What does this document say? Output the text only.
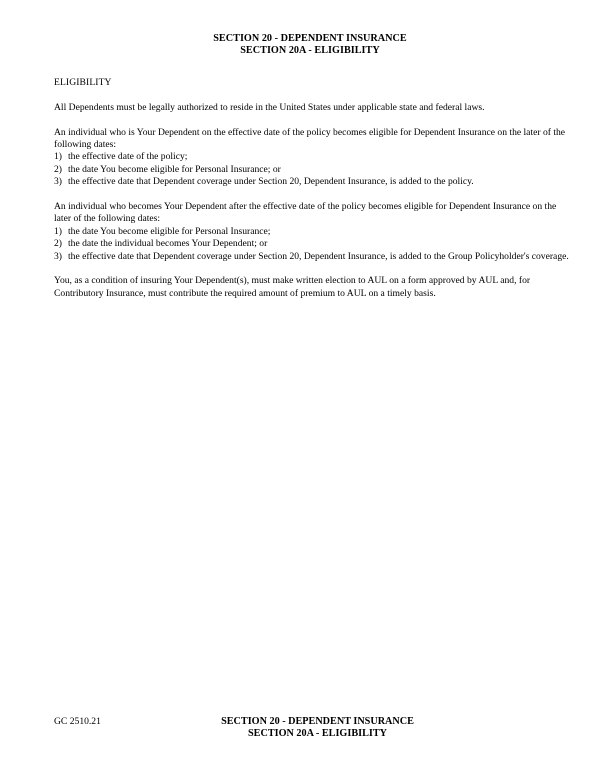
SECTION 20 - DEPENDENT INSURANCE
SECTION 20A - ELIGIBILITY
ELIGIBILITY

All Dependents must be legally authorized to reside in the United States under applicable state and federal laws.

An individual who is Your Dependent on the effective date of the policy becomes eligible for Dependent Insurance on the later of the following dates:

1) the effective date of the policy;
2) the date You become eligible for Personal Insurance; or
3) the effective date that Dependent coverage under Section 20, Dependent Insurance, is added to the policy.

An individual who becomes Your Dependent after the effective date of the policy becomes eligible for Dependent Insurance on the later of the following dates:

1) the date You become eligible for Personal Insurance;
2) the date the individual becomes Your Dependent; or
3) the effective date that Dependent coverage under Section 20, Dependent Insurance, is added to the Group Policyholder's coverage.

You, as a condition of insuring Your Dependent(s), must make written election to AUL on a form approved by AUL and, for Contributory Insurance, must contribute the required amount of premium to AUL on a timely basis.

GC 2510.21	SECTION 20 - DEPENDENT INSURANCE
SECTION 20A - ELIGIBILITY
